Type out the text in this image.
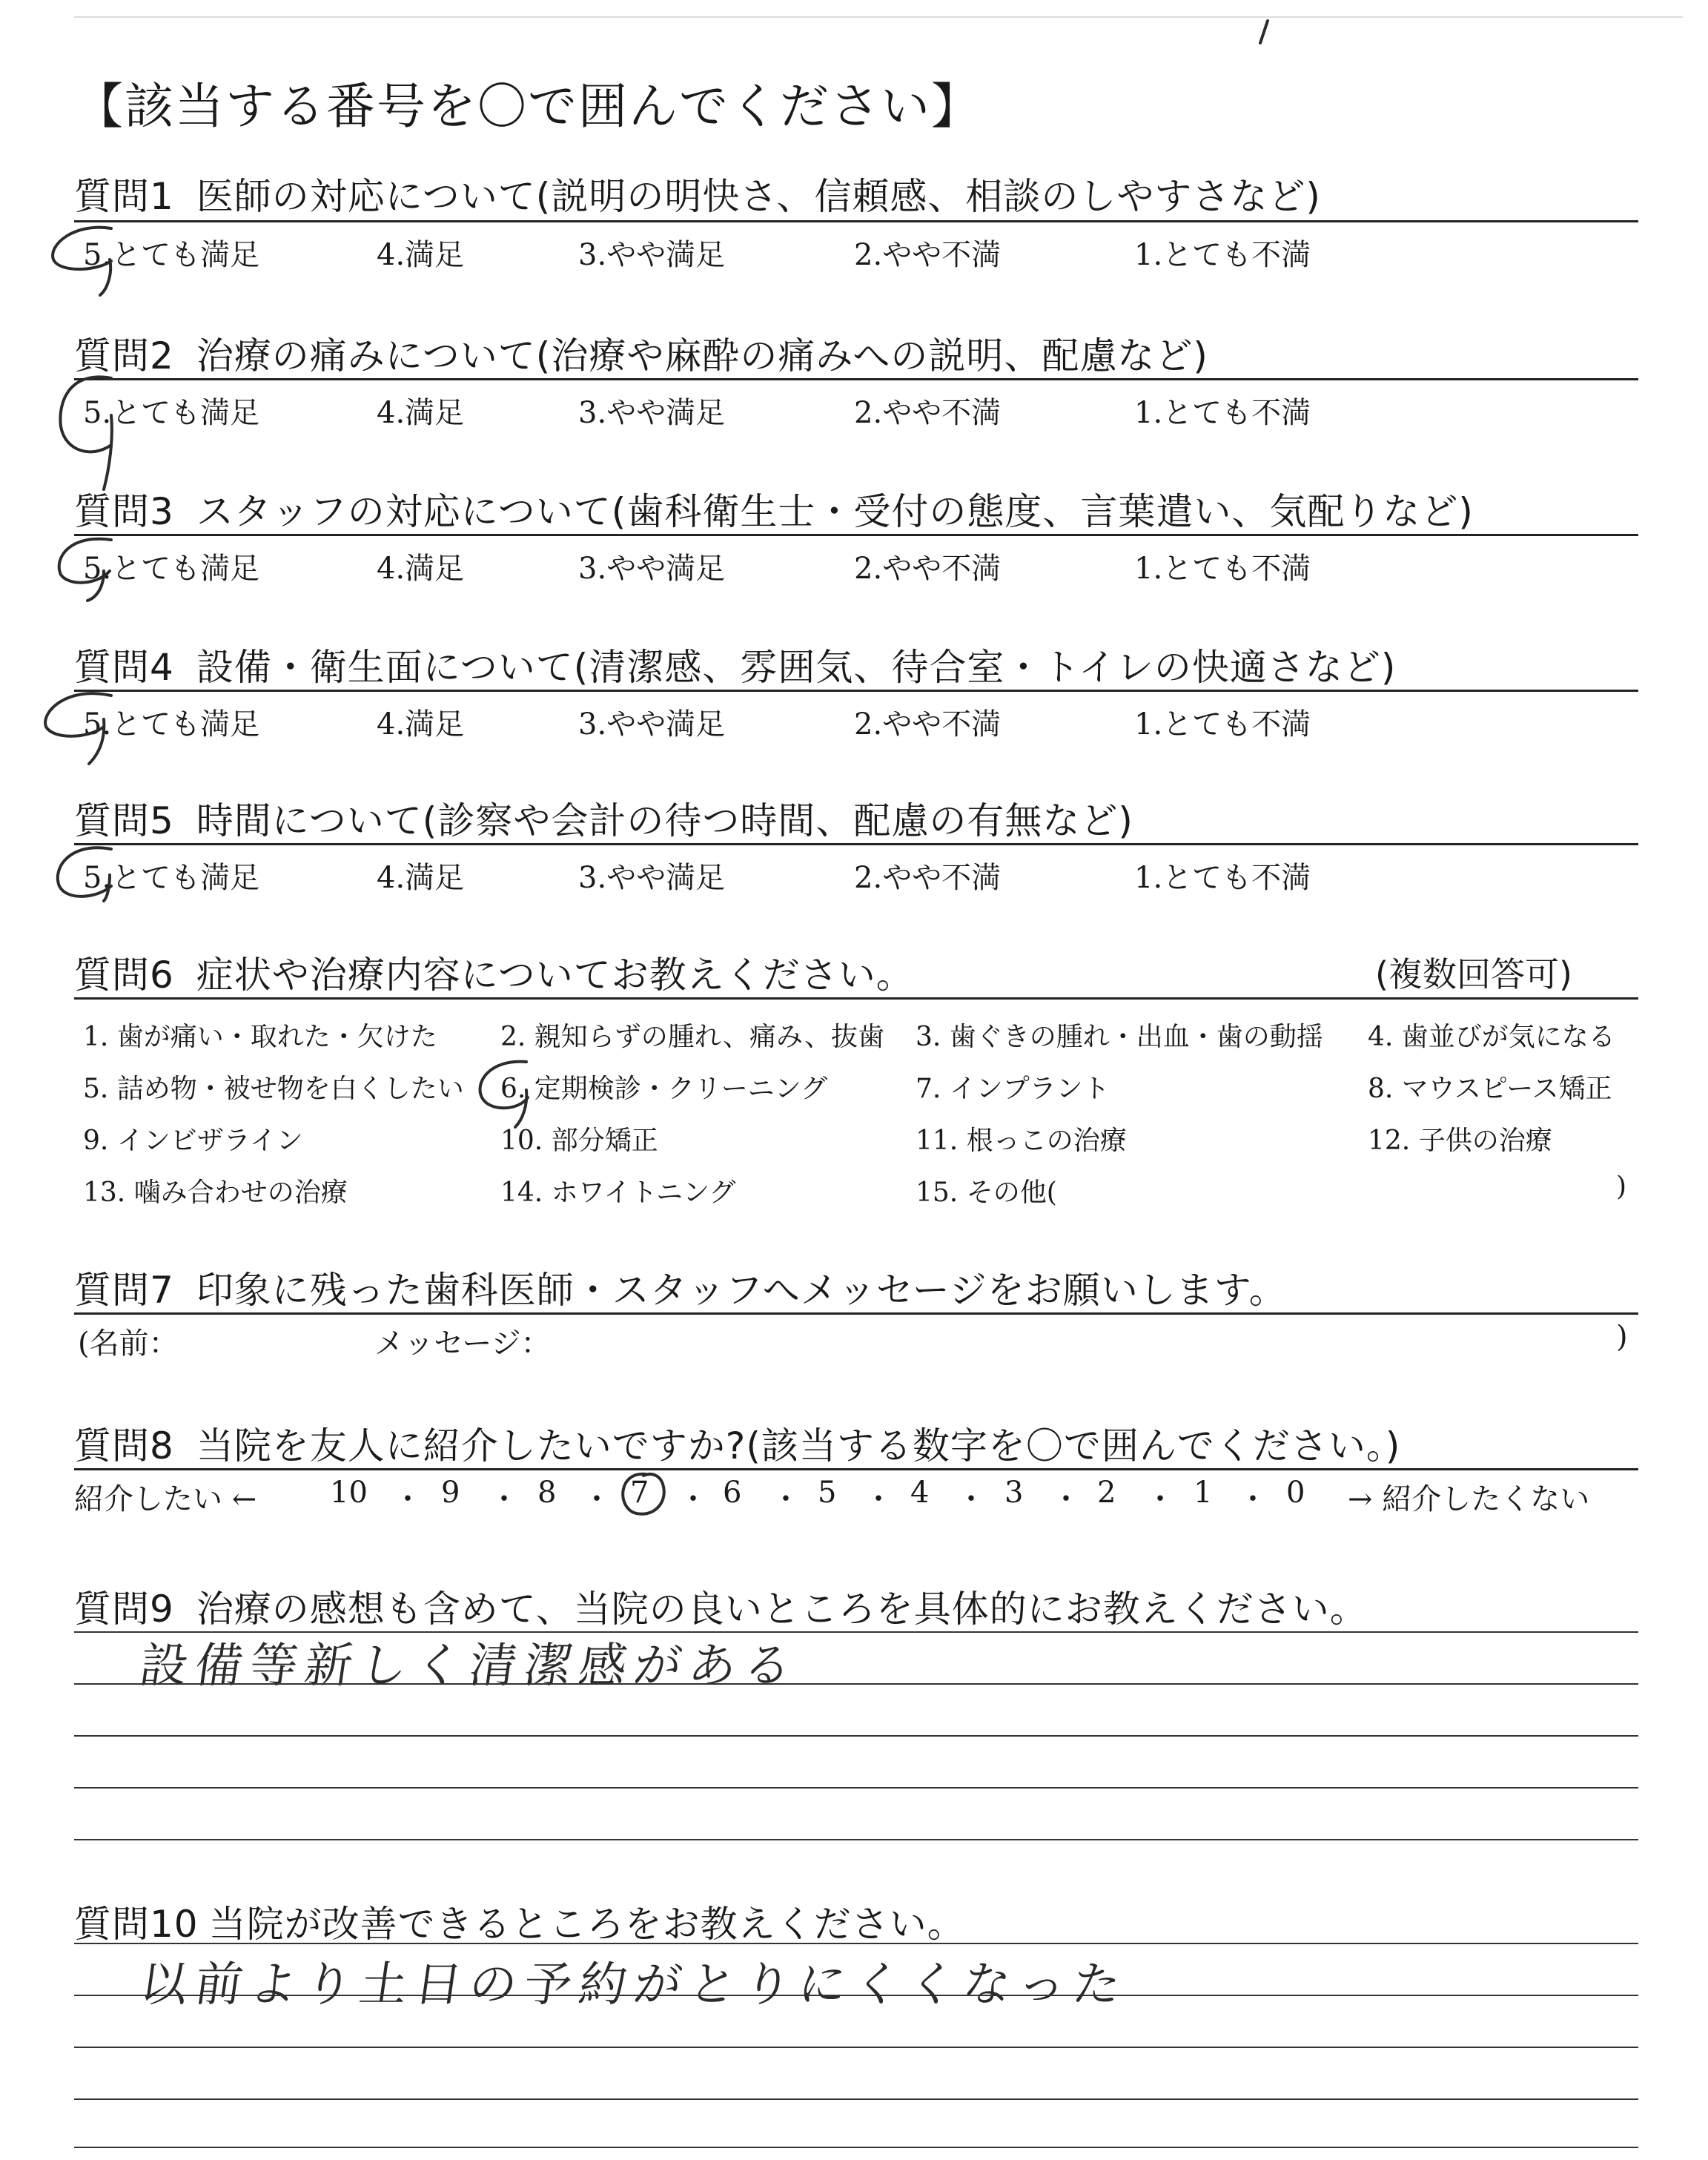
【該当する番号を〇で囲んでください】
質問1 医師の対応について(説明の明快さ、信頼感、相談のしやすさなど)
5.とても満足	4.満足	3.やや満足	2.やや不満	1.とても不満
質問2 治療の痛みについて(治療や麻酔の痛みへの説明、配慮など)
5.とても満足	4.満足	3.やや満足	2.やや不満	1.とても不満
質問3 スタッフの対応について(歯科衛生士・受付の態度、言葉遣い、気配りなど)
5.とても満足	4.満足	3.やや満足	2.やや不満	1.とても不満
質問4 設備・衛生面について(清潔感、雰囲気、待合室・トイレの快適さなど)
5.とても満足	4.満足	3.やや満足	2.やや不満	1.とても不満
質問5 時間について(診察や会計の待つ時間、配慮の有無など)
5.とても満足	4.満足	3.やや満足	2.やや不満	1.とても不満
質問6 症状や治療内容についてお教えください。	(複数回答可)
1. 歯が痛い・取れた・欠けた 2. 親知らずの腫れ、痛み、抜歯 3. 歯ぐきの腫れ・出血・歯の動揺 4. 歯並びが気になる
5. 詰め物・被せ物を白くしたい 6. 定期検診・クリーニング	7. インプラント	8. マウスピース矯正
9. インビザライン	10. 部分矯正	11. 根っこの治療	12. 子供の治療
13. 噛み合わせの治療	14. ホワイトニング	15. その他(	)
質問7 印象に残った歯科医師・スタッフへメッセージをお願いします。
(名前：	メッセージ：	)
質問8 当院を友人に紹介したいですか?(該当する数字を〇で囲んでください。)
紹介したい ←	→ 紹介したくない
10 ・ 9 ・ 8 ・ 7 ・ 6 ・ 5 ・ 4 ・ 3 ・ 2 ・ 1 ・ 0
質問9 治療の感想も含めて、当院の良いところを具体的にお教えください。
設備等新しく清潔感がある
質問10 当院が改善できるところをお教えください。
以前より土日の予約がとりにくくなった
